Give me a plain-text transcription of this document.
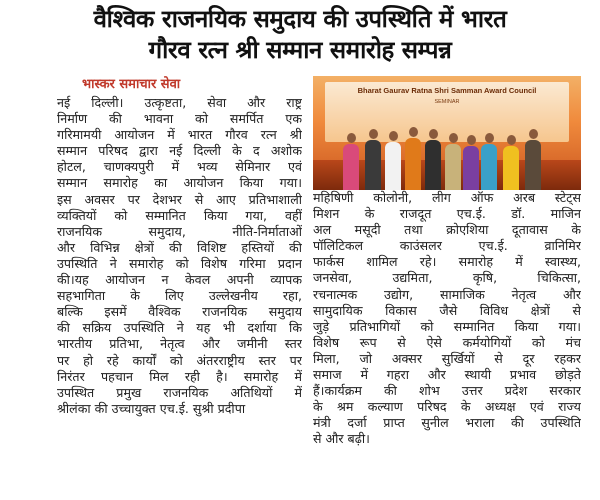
वैश्विक राजनयिक समुदाय की उपस्थिति में भारत
गौरव रत्न श्री सम्मान समारोह सम्पन्न
भास्कर समाचार सेवा
नई दिल्ली। उत्कृष्टता, सेवा और राष्ट्र
निर्माण की भावना को समर्पित एक
गरिमामयी आयोजन में भारत गौरव रत्न श्री
सम्मान परिषद द्वारा नई दिल्ली के द अशोक
होटल, चाणक्यपुरी में भव्य सेमिनार एवं
सम्मान समारोह का आयोजन किया गया।
इस अवसर पर देशभर से आए प्रतिभाशाली
व्यक्तियों को सम्मानित किया गया, वहीं
राजनयिक समुदाय, नीति-निर्माताओं
और विभिन्न क्षेत्रों की विशिष्ट हस्तियों की
उपस्थिति ने समारोह को विशेष गरिमा प्रदान
की।यह आयोजन न केवल अपनी व्यापक
सहभागिता के लिए उल्लेखनीय रहा,
बल्कि इसमें वैश्विक राजनयिक समुदाय
की सक्रिय उपस्थिति ने यह भी दर्शाया कि
भारतीय प्रतिभा, नेतृत्व और जमीनी स्तर
पर हो रहे कार्यों को अंतरराष्ट्रीय स्तर पर
निरंतर पहचान मिल रही है। समारोह में
उपस्थित प्रमुख राजनयिक अतिथियों में
श्रीलंका की उच्चायुक्त एच.ई. सुश्री प्रदीपा
Bharat Gaurav Ratna Shri Samman Award Council
SEMINAR
महिषिणी कोलोनी, लीग ऑफ अरब स्टेट्स
मिशन के राजदूत एच.ई. डॉ. माजिन
अल मसूदी तथा क्रोएशिया दूतावास के
पॉलिटिकल काउंसलर एच.ई. व्रानिमिर
फार्कस शामिल रहे। समारोह में स्वास्थ्य,
जनसेवा, उद्यमिता, कृषि, चिकित्सा,
रचनात्मक उद्योग, सामाजिक नेतृत्व और
सामुदायिक विकास जैसे विविध क्षेत्रों से
जुड़े प्रतिभागियों को सम्मानित किया गया।
विशेष रूप से ऐसे कर्मयोगियों को मंच
मिला, जो अक्सर सुर्खियों से दूर रहकर
समाज में गहरा और स्थायी प्रभाव छोड़ते
हैं।कार्यक्रम की शोभ उत्तर प्रदेश सरकार
के श्रम कल्याण परिषद के अध्यक्ष एवं राज्य
मंत्री दर्जा प्राप्त सुनील भराला की उपस्थिति
से और बढ़ी।
